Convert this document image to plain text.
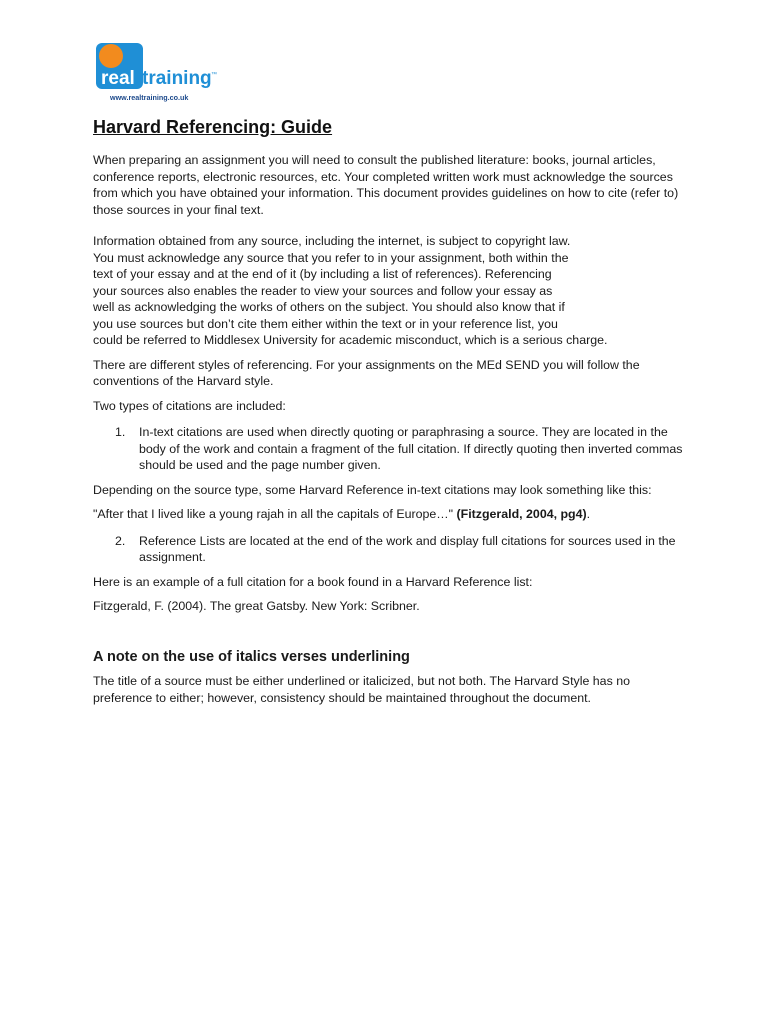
real training ™
www.realtraining.co.uk
Harvard Referencing: Guide

When preparing an assignment you will need to consult the published literature: books, journal articles, conference reports, electronic resources, etc. Your completed written work must acknowledge the sources from which you have obtained your information. This document provides guidelines on how to cite (refer to) those sources in your final text.

Information obtained from any source, including the internet, is subject to copyright law.
You must acknowledge any source that you refer to in your assignment, both within the
text of your essay and at the end of it (by including a list of references). Referencing
your sources also enables the reader to view your sources and follow your essay as
well as acknowledging the works of others on the subject. You should also know that if
you use sources but don’t cite them either within the text or in your reference list, you
could be referred to Middlesex University for academic misconduct, which is a serious charge.

There are different styles of referencing. For your assignments on the MEd SEND you will follow the conventions of the Harvard style.

Two types of citations are included:

1.	In-text citations are used when directly quoting or paraphrasing a source. They are located in the body of the work and contain a fragment of the full citation. If directly quoting then inverted commas should be used and the page number given.

Depending on the source type, some Harvard Reference in-text citations may look something like this:

"After that I lived like a young rajah in all the capitals of Europe…" (Fitzgerald, 2004, pg4).

2.	Reference Lists are located at the end of the work and display full citations for sources used in the assignment.

Here is an example of a full citation for a book found in a Harvard Reference list:

Fitzgerald, F. (2004). The great Gatsby. New York: Scribner.

A note on the use of italics verses underlining

The title of a source must be either underlined or italicized, but not both. The Harvard Style has no preference to either; however, consistency should be maintained throughout the document.
